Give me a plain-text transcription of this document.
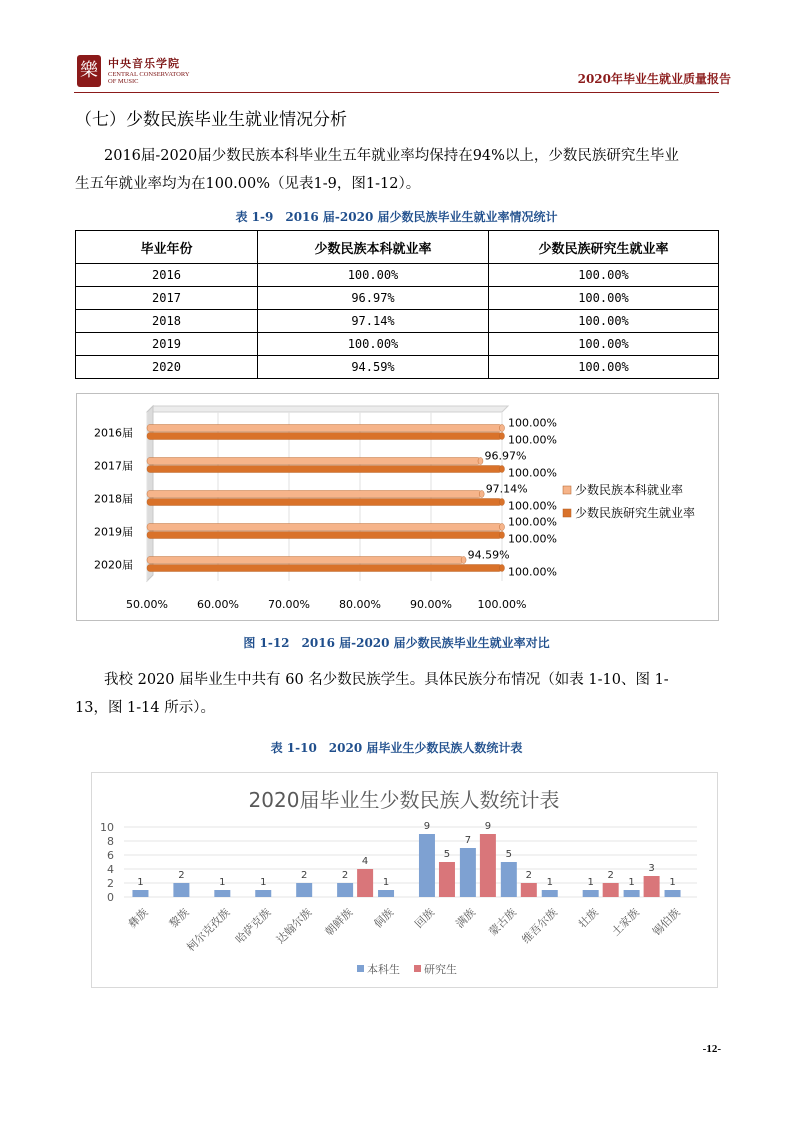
樂 中央音乐学院
CENTRAL CONSERVATORY
OF MUSIC	2020年毕业生就业质量报告
（七）少数民族毕业生就业情况分析
2016届-2020届少数民族本科毕业生五年就业率均保持在94%以上，少数民族研究生毕业
生五年就业率均为在100.00%（见表1-9，图1-12）。
表 1-9　2016 届-2020 届少数民族毕业生就业率情况统计
毕业年份	少数民族本科就业率	少数民族研究生就业率
2016	100.00%	100.00%
2017	96.97%	100.00%
2018	97.14%	100.00%
2019	100.00%	100.00%
2020	94.59%	100.00%
50.00%	60.00%	70.00%	80.00%	90.00% 100.00%
2016届
100.00%
100.00%
2017届
96.97%
100.00%
2018届
97.14%
100.00%
2019届
100.00%
100.00%
2020届
94.59%
100.00%
少数民族本科就业率
少数民族研究生就业率
图 1-12　2016 届-2020 届少数民族毕业生就业率对比
我校 2020 届毕业生中共有 60 名少数民族学生。具体民族分布情况（如表 1-10、图 1-
13，图 1-14 所示）。
表 1-10　2020 届毕业生少数民族人数统计表
2020届毕业生少数民族人数统计表
0
2
4
6
8
10
1
彝族
2
黎族
1
柯尔克孜族
1
哈萨克族
2
达翰尔族
2
4
朝鲜族
1
侗族
9
5
回族
7
9
满族
5
2
蒙古族
1
维吾尔族
1
2
壮族
1
3
土家族
1
锡伯族
本科生 研究生
-12-
